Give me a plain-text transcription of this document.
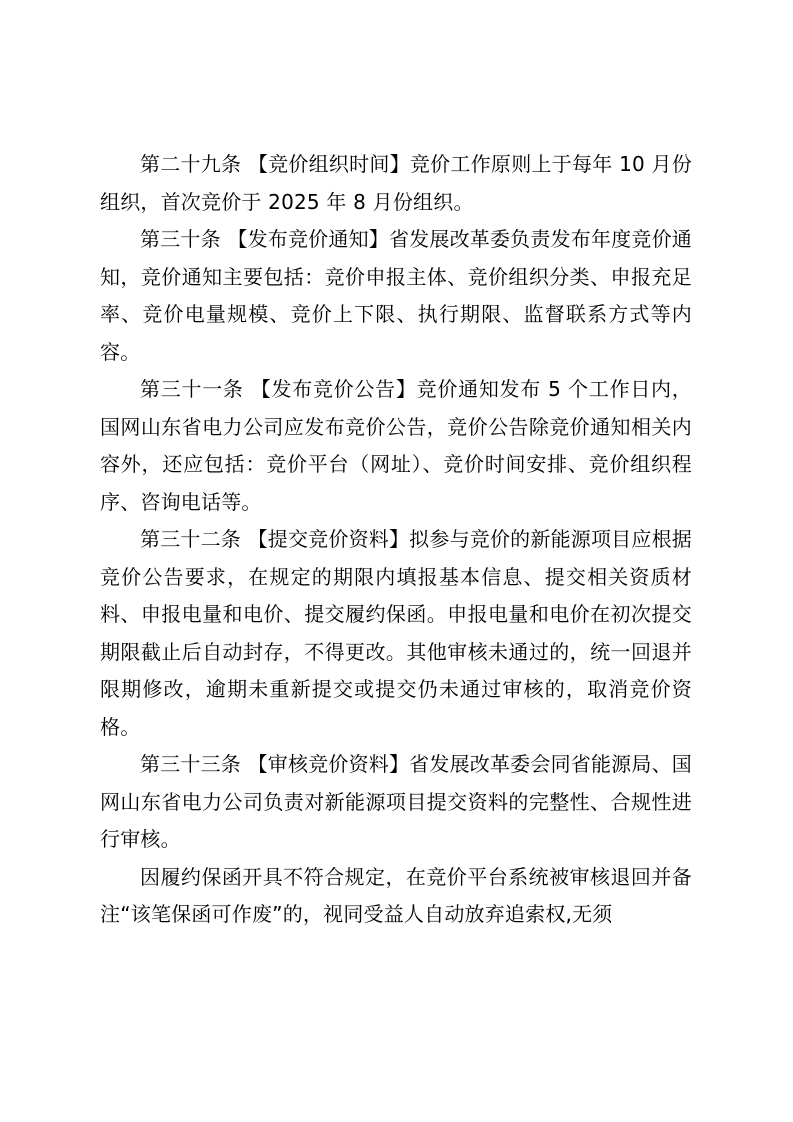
第二十九条 【竞价组织时间】竞价工作原则上于每年 10 月份组织，首次竞价于 2025 年 8 月份组织。

第三十条 【发布竞价通知】省发展改革委负责发布年度竞价通知，竞价通知主要包括：竞价申报主体、竞价组织分类、申报充足率、竞价电量规模、竞价上下限、执行期限、监督联系方式等内容。

第三十一条 【发布竞价公告】竞价通知发布 5 个工作日内，国网山东省电力公司应发布竞价公告，竞价公告除竞价通知相关内容外，还应包括：竞价平台（网址）、竞价时间安排、竞价组织程序、咨询电话等。

第三十二条 【提交竞价资料】拟参与竞价的新能源项目应根据竞价公告要求，在规定的期限内填报基本信息、提交相关资质材料、申报电量和电价、提交履约保函。申报电量和电价在初次提交期限截止后自动封存，不得更改。其他审核未通过的，统一回退并限期修改，逾期未重新提交或提交仍未通过审核的，取消竞价资格。

第三十三条 【审核竞价资料】省发展改革委会同省能源局、国网山东省电力公司负责对新能源项目提交资料的完整性、合规性进行审核。

因履约保函开具不符合规定，在竞价平台系统被审核退回并备注“该笔保函可作废”的，视同受益人自动放弃追索权,无须
